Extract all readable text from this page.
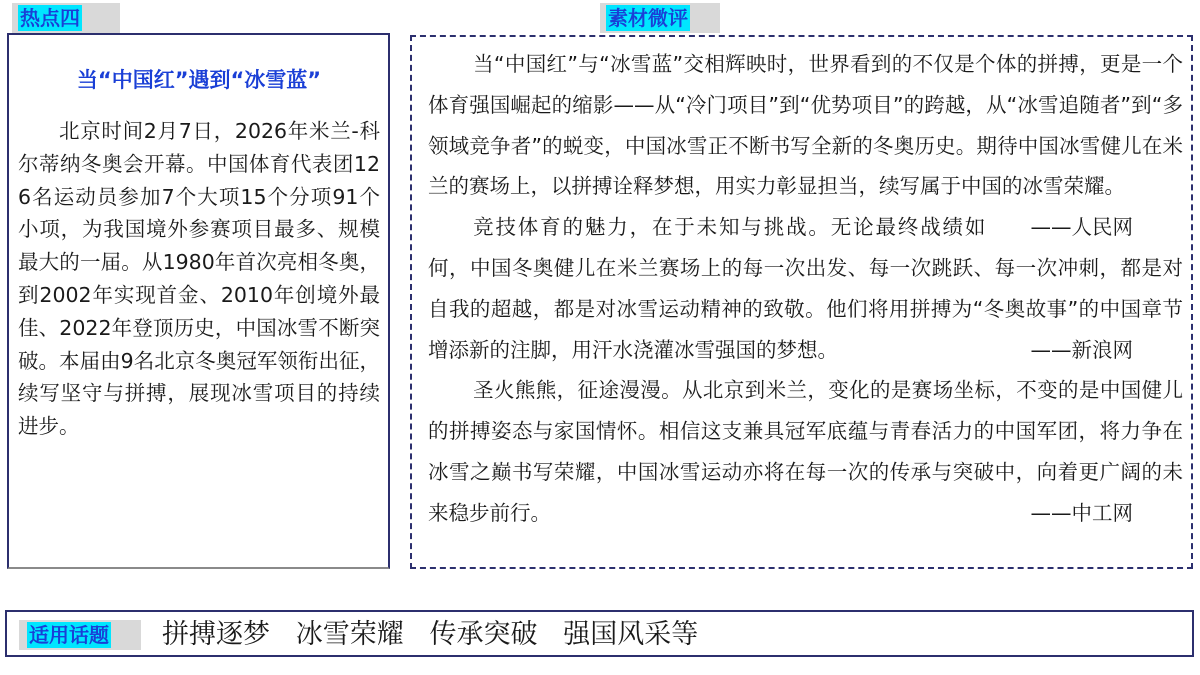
热点四	素材微评
当“中国红”遇到“冰雪蓝”

北京时间2月7日，2026年米兰-科尔蒂纳冬奥会开幕。中国体育代表团126名运动员参加7个大项15个分项91个小项，为我国境外参赛项目最多、规模最大的一届。从1980年首次亮相冬奥，到2002年实现首金、2010年创境外最佳、2022年登顶历史，中国冰雪不断突破。本届由9名北京冬奥冠军领衔出征，续写坚守与拼搏，展现冰雪项目的持续进步。

当“中国红”与“冰雪蓝”交相辉映时，世界看到的不仅是个体的拼搏，更是一个体育强国崛起的缩影——从“冷门项目”到“优势项目”的跨越，从“冰雪追随者”到“多领域竞争者”的蜕变，中国冰雪正不断书写全新的冬奥历史。期待中国冰雪健儿在米兰的赛场上，以拼搏诠释梦想，用实力彰显担当，续写属于中国的冰雪荣耀。
——人民网

竞技体育的魅力，在于未知与挑战。无论最终战绩如何，中国冬奥健儿在米兰赛场上的每一次出发、每一次跳跃、每一次冲刺，都是对自我的超越，都是对冰雪运动精神的致敬。他们将用拼搏为“冬奥故事”的中国章节增添新的注脚，用汗水浇灌冰雪强国的梦想。	——新浪网

圣火熊熊，征途漫漫。从北京到米兰，变化的是赛场坐标，不变的是中国健儿的拼搏姿态与家国情怀。相信这支兼具冠军底蕴与青春活力的中国军团，将力争在冰雪之巅书写荣耀，中国冰雪运动亦将在每一次的传承与突破中，向着更广阔的未来稳步前行。	——中工网

适用话题 拼搏逐梦   冰雪荣耀   传承突破   强国风采等
